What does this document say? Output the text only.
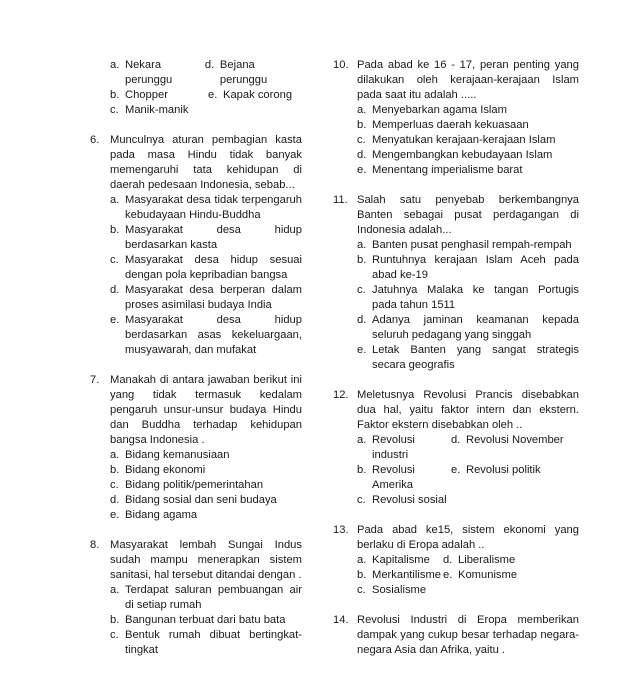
a. Nekara perunggu
d. Bejana perunggu
b. Chopper	e. Kapak corong
c. Manik-manik
6. Munculnya aturan pembagian kasta pada masa Hindu tidak banyak memengaruhi tata kehidupan di daerah pedesaan Indonesia, sebab...
a. Masyarakat desa tidak terpengaruh kebudayaan Hindu-Buddha
b. Masyarakat desa hidup berdasarkan kasta
c. Masyarakat desa hidup sesuai dengan pola kepribadian bangsa
d. Masyarakat desa berperan dalam proses asimilasi budaya India
e. Masyarakat desa hidup berdasarkan asas kekeluargaan, musyawarah, dan mufakat
7. Manakah di antara jawaban berikut ini yang tidak termasuk kedalam pengaruh unsur-unsur budaya Hindu dan Buddha terhadap kehidupan bangsa Indonesia .
a. Bidang kemanusiaan
b. Bidang ekonomi
c. Bidang politik/pemerintahan
d. Bidang sosial dan seni budaya
e. Bidang agama
8. Masyarakat lembah Sungai Indus sudah mampu menerapkan sistem sanitasi, hal tersebut ditandai dengan .
a. Terdapat saluran pembuangan air di setiap rumah
b. Bangunan terbuat dari batu bata
c. Bentuk rumah dibuat bertingkat-tingkat
10. Pada abad ke 16 - 17, peran penting yang dilakukan oleh kerajaan-kerajaan Islam pada saat itu adalah .....
a. Menyebarkan agama Islam
b. Memperluas daerah kekuasaan
c. Menyatukan kerajaan-kerajaan Islam
d. Mengembangkan kebudayaan Islam
e. Menentang imperialisme barat
11. Salah satu penyebab berkembangnya Banten sebagai pusat perdagangan di Indonesia adalah...
a. Banten pusat penghasil rempah-rempah
b. Runtuhnya kerajaan Islam Aceh pada abad ke-19
c. Jatuhnya Malaka ke tangan Portugis pada tahun 1511
d. Adanya jaminan keamanan kepada seluruh pedagang yang singgah
e. Letak Banten yang sangat strategis secara geografis
12. Meletusnya Revolusi Prancis disebabkan dua hal, yaitu faktor intern dan ekstern. Faktor ekstern disebabkan oleh ..
a. Revolusi industri
d. Revolusi November
b. Revolusi Amerika
e. Revolusi politik
c. Revolusi sosial
13. Pada abad ke15, sistem ekonomi yang berlaku di Eropa adalah ..
a. Kapitalisme	d. Liberalisme
b. Merkantilisme e. Komunisme
c. Sosialisme
14. Revolusi Industri di Eropa memberikan dampak yang cukup besar terhadap negara-negara Asia dan Afrika, yaitu .
